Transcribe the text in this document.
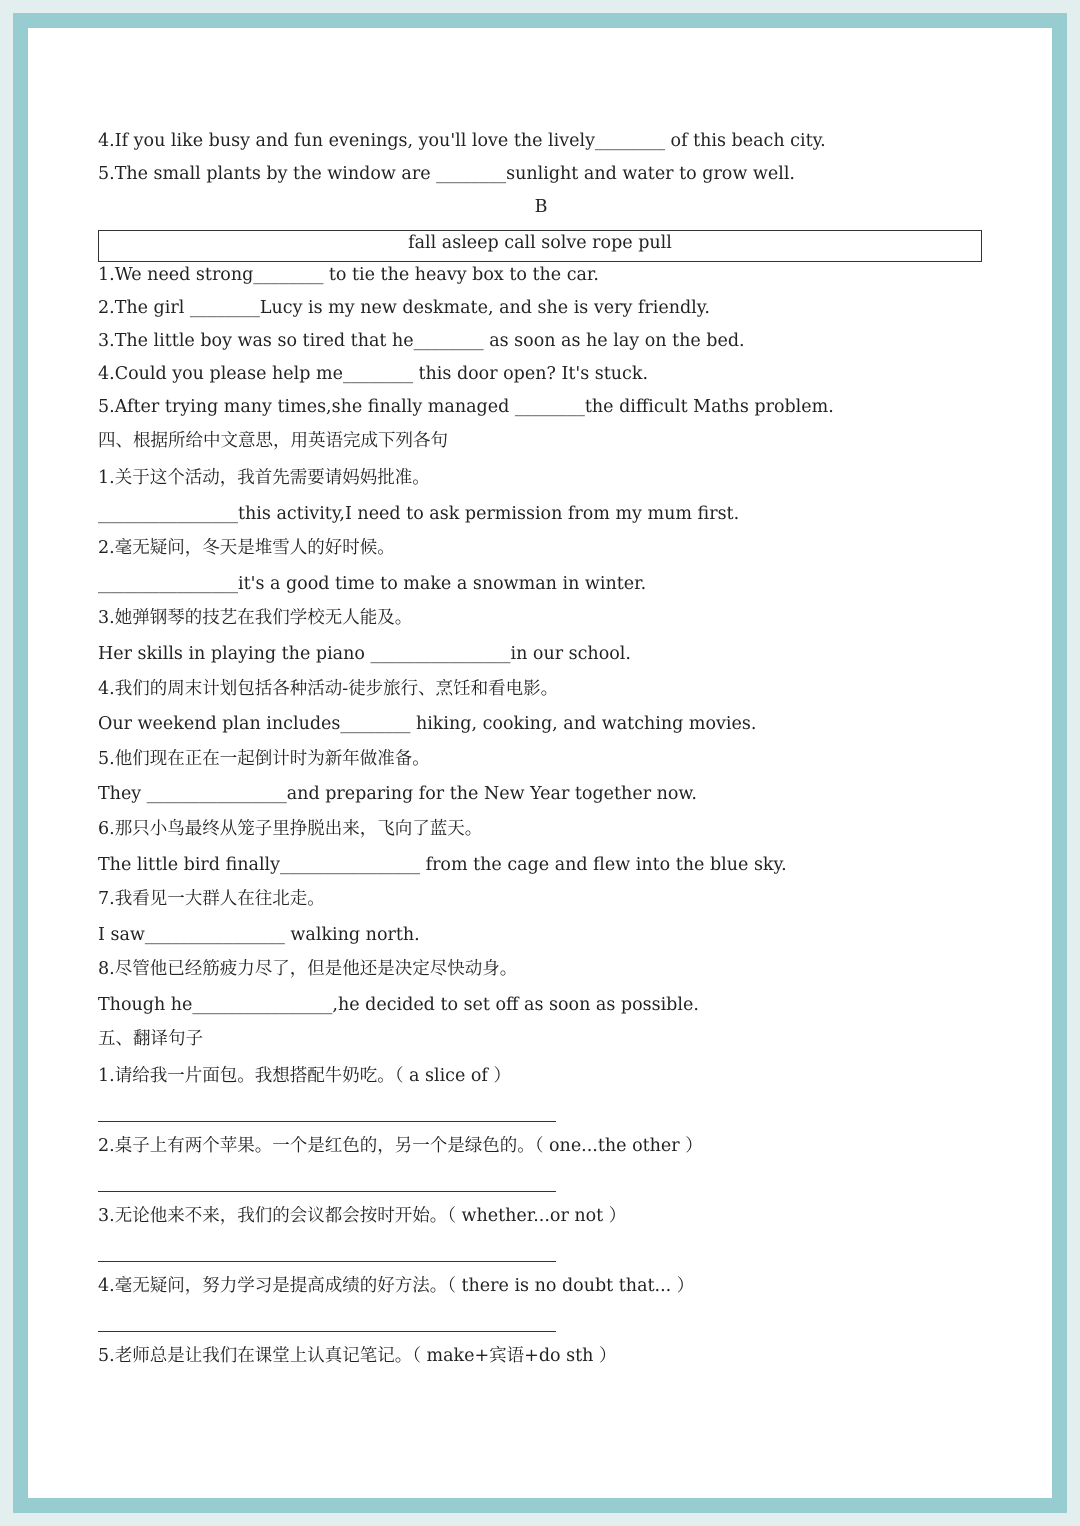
4.If you like busy and fun evenings, you'll love the lively________ of this beach city.
5.The small plants by the window are ________sunlight and water to grow well.
B
fall asleep call solve rope pull
1.We need strong________ to tie the heavy box to the car.
2.The girl ________Lucy is my new deskmate, and she is very friendly.
3.The little boy was so tired that he________ as soon as he lay on the bed.
4.Could you please help me________ this door open? It's stuck.
5.After trying many times,she finally managed ________the difficult Maths problem.
四、根据所给中文意思，用英语完成下列各句
1.关于这个活动，我首先需要请妈妈批准。
________________this activity,I need to ask permission from my mum first.
2.毫无疑问，冬天是堆雪人的好时候。
________________it's a good time to make a snowman in winter.
3.她弹钢琴的技艺在我们学校无人能及。
Her skills in playing the piano ________________in our school.
4.我们的周末计划包括各种活动-徒步旅行、烹饪和看电影。
Our weekend plan includes________ hiking, cooking, and watching movies.
5.他们现在正在一起倒计时为新年做准备。
They ________________and preparing for the New Year together now.
6.那只小鸟最终从笼子里挣脱出来，飞向了蓝天。
The little bird finally________________ from the cage and flew into the blue sky.
7.我看见一大群人在往北走。
I saw________________ walking north.
8.尽管他已经筋疲力尽了，但是他还是决定尽快动身。
Though he________________,he decided to set off as soon as possible.
五、翻译句子
1.请给我一片面包。我想搭配牛奶吃。（ a slice of ）
2.桌子上有两个苹果。一个是红色的，另一个是绿色的。（ one...the other ）
3.无论他来不来，我们的会议都会按时开始。（ whether...or not ）
4.毫无疑问，努力学习是提高成绩的好方法。（ there is no doubt that... ）
5.老师总是让我们在课堂上认真记笔记。（ make+宾语+do sth ）
